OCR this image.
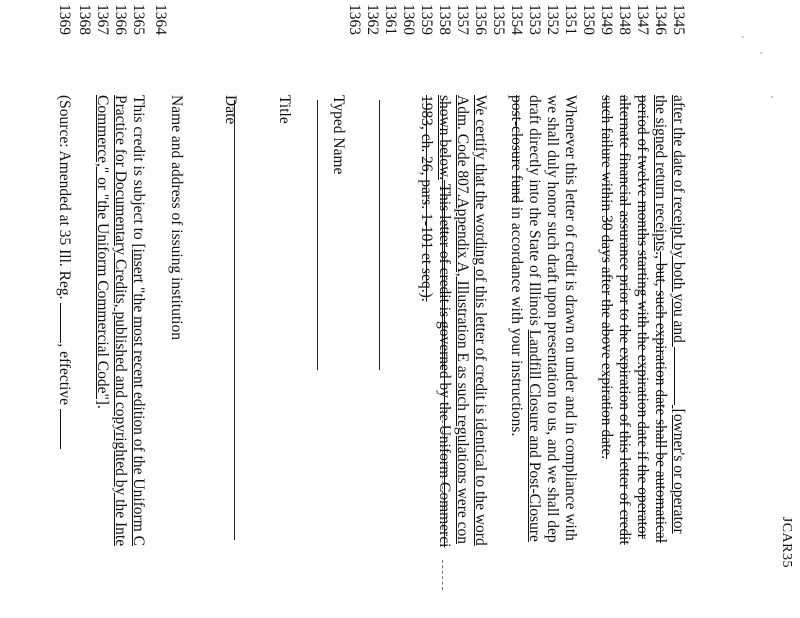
JCAR35
1345
after the date of receipt by both you and  [owner's or operator
1346
the signed return receipts., but, such expiration date shall be automatical
1347
period of twelve months starting with the expiration date if the operator
1348
alternate financial assurance prior to the expiration of this letter of credit
1349
such failure within 30 days after the above expiration date.
1350
1351
Whenever this letter of credit is drawn on under and in compliance with
1352
we shall duly honor such draft upon presentation to us, and we shall dep
1353
draft directly into the State of Illinois Landfill Closure and Post-Closure
1354
post-closure fund in accordance with your instructions.
1355
1356
We certify that the wording of this letter of credit is identical to the word
1357
Adm. Code 807.Appendix A, Illustration E as such regulations were con
1358
shown below. This letter of credit is governed by the Uniform Commerci
1359
1983, ch. 26, pars. 1-101 et seq.).
1360
1361
1362
1363
Typed Name
Title
Date
Name and address of issuing institution
1364
1365
This credit is subject to [insert "the most recent edition of the Uniform C
1366
Practice for Documentary Credits, published and copyrighted by the Inte
1367
Commerce," or "the Uniform Commercial Code"].
1368
1369
(Source: Amended at 35 Ill. Reg. , effective
